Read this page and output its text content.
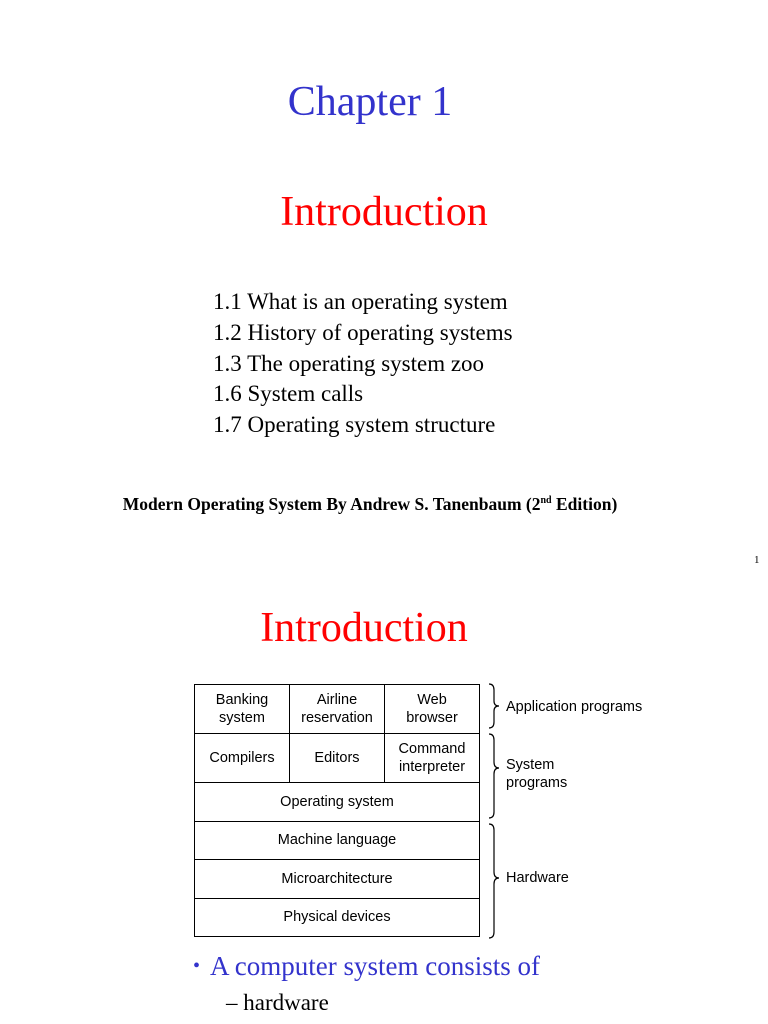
Chapter 1
Introduction
1.1 What is an operating system
1.2 History of operating systems
1.3 The operating system zoo
1.6 System calls
1.7 Operating system structure
Modern Operating System By Andrew S. Tanenbaum (2nd Edition)
1
Introduction
Banking
system
Airline
reservation
Web
browser
Compilers	Editors
Command
interpreter
Operating system
Machine language
Microarchitecture
Physical devices
Application programs
System
programs
Hardware
• A computer system consists of
– hardware
